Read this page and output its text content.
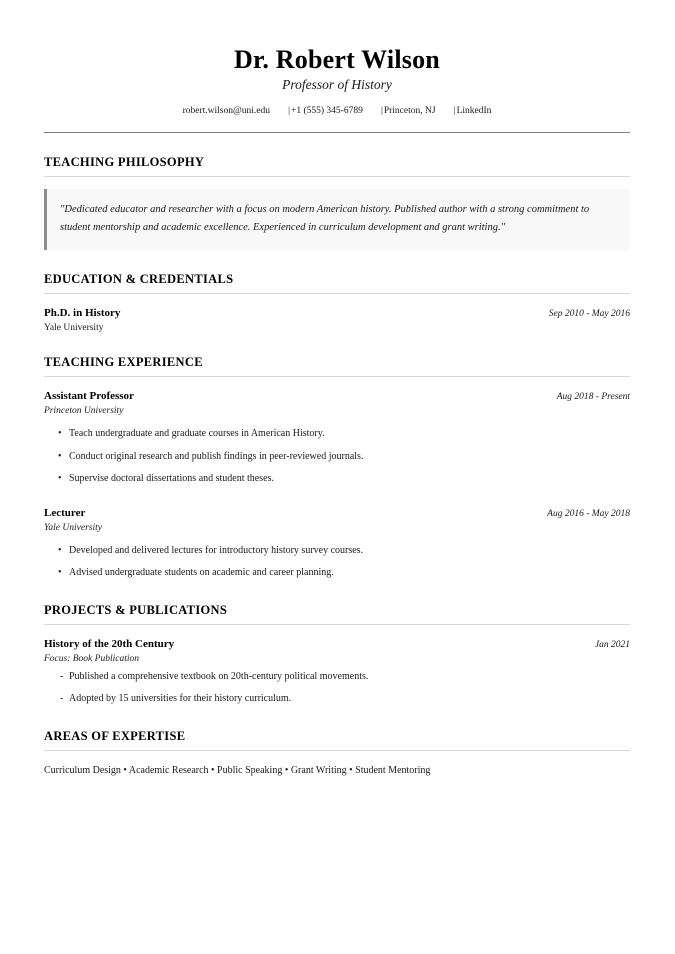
Dr. Robert Wilson
Professor of History
robert.wilson@uni.edu	| +1 (555) 345-6789	| Princeton, NJ	| LinkedIn
TEACHING PHILOSOPHY
"Dedicated educator and researcher with a focus on modern American history. Published author with a strong commitment to student mentorship and academic excellence. Experienced in curriculum development and grant writing."
EDUCATION & CREDENTIALS
Ph.D. in History	Sep 2010 - May 2016
Yale University
TEACHING EXPERIENCE
Assistant Professor	Aug 2018 - Present
Princeton University
• Teach undergraduate and graduate courses in American History.
• Conduct original research and publish findings in peer-reviewed journals.
• Supervise doctoral dissertations and student theses.
Lecturer	Aug 2016 - May 2018
Yale University
• Developed and delivered lectures for introductory history survey courses.
• Advised undergraduate students on academic and career planning.
PROJECTS & PUBLICATIONS
History of the 20th Century	Jan 2021
Focus: Book Publication
- Published a comprehensive textbook on 20th-century political movements.
- Adopted by 15 universities for their history curriculum.
AREAS OF EXPERTISE
Curriculum Design • Academic Research • Public Speaking • Grant Writing • Student Mentoring
